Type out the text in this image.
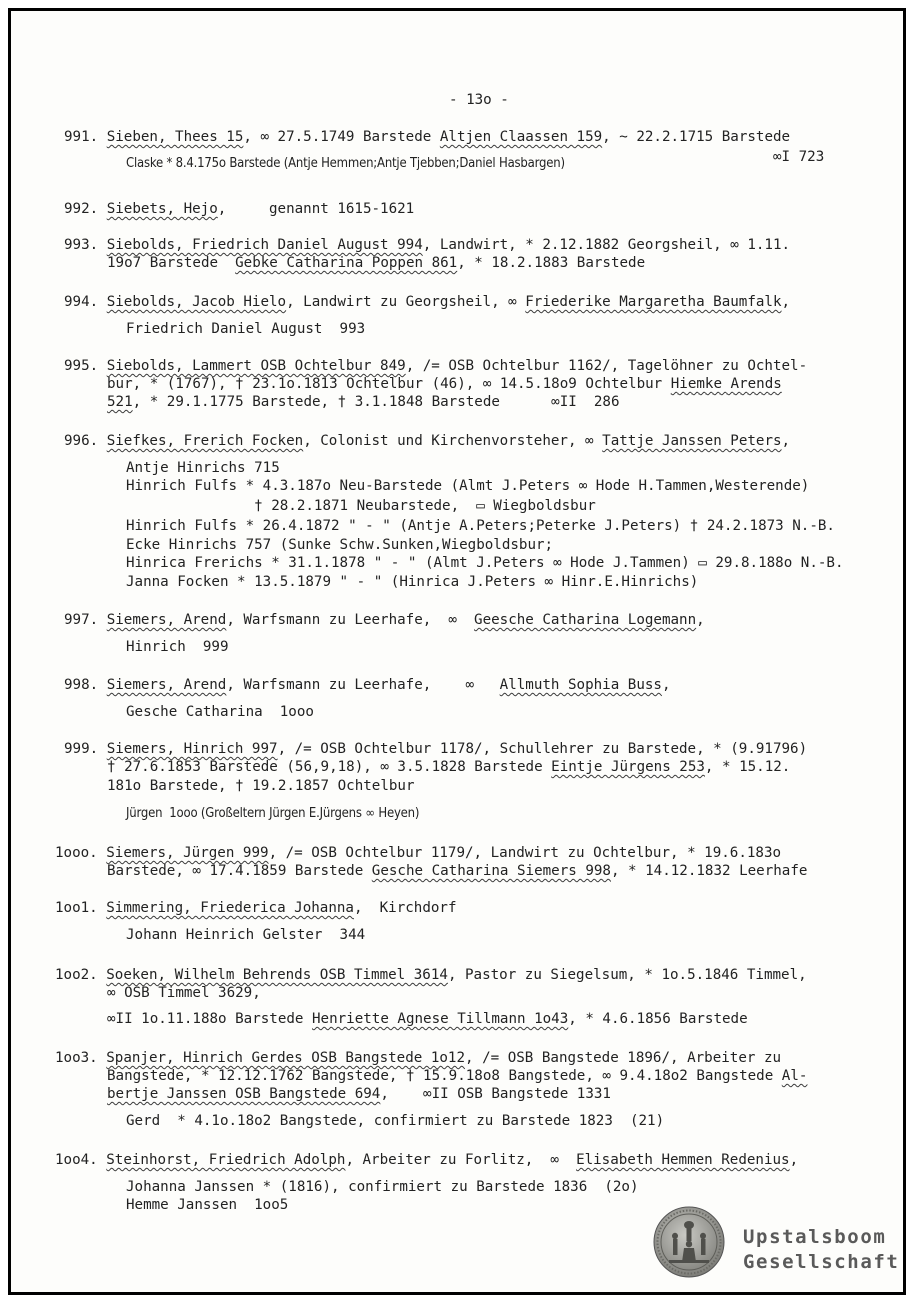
- 13o -
991. Sieben, Thees 15, ∞ 27.5.1749 Barstede Altjen Claassen 159, ~ 22.2.1715 Barstede
Claske * 8.4.175o Barstede (Antje Hemmen;Antje Tjebben;Daniel Hasbargen)	∞I 723
992. Siebets, Hejo,     genannt 1615-1621
993. Siebolds, Friedrich Daniel August 994, Landwirt, * 2.12.1882 Georgsheil, ∞ 1.11.
19o7 Barstede  Gebke Catharina Poppen 861, * 18.2.1883 Barstede
994. Siebolds, Jacob Hielo, Landwirt zu Georgsheil, ∞ Friederike Margaretha Baumfalk,
Friedrich Daniel August  993
995. Siebolds, Lammert OSB Ochtelbur 849, /= OSB Ochtelbur 1162/, Tagelöhner zu Ochtel-
bur, * (1767), † 23.1o.1813 Ochtelbur (46), ∞ 14.5.18o9 Ochtelbur Hiemke Arends
521, * 29.1.1775 Barstede, † 3.1.1848 Barstede      ∞II  286
996. Siefkes, Frerich Focken, Colonist und Kirchenvorsteher, ∞ Tattje Janssen Peters,
Antje Hinrichs 715
Hinrich Fulfs * 4.3.187o Neu-Barstede (Almt J.Peters ∞ Hode H.Tammen,Westerende)
† 28.2.1871 Neubarstede,  ▭ Wiegboldsbur
Hinrich Fulfs * 26.4.1872 " - " (Antje A.Peters;Peterke J.Peters) † 24.2.1873 N.-B.
Ecke Hinrichs 757 (Sunke Schw.Sunken,Wiegboldsbur;
Hinrica Frerichs * 31.1.1878 " - " (Almt J.Peters ∞ Hode J.Tammen) ▭ 29.8.188o N.-B.
Janna Focken * 13.5.1879 " - " (Hinrica J.Peters ∞ Hinr.E.Hinrichs)
997. Siemers, Arend, Warfsmann zu Leerhafe,  ∞  Geesche Catharina Logemann,
Hinrich  999
998. Siemers, Arend, Warfsmann zu Leerhafe,    ∞   Allmuth Sophia Buss,
Gesche Catharina  1ooo
999. Siemers, Hinrich 997, /= OSB Ochtelbur 1178/, Schullehrer zu Barstede, * (9.91796)
† 27.6.1853 Barstede (56,9,18), ∞ 3.5.1828 Barstede Eintje Jürgens 253, * 15.12.
181o Barstede, † 19.2.1857 Ochtelbur
Jürgen  1ooo (Großeltern Jürgen E.Jürgens ∞ Heyen)
1ooo. Siemers, Jürgen 999, /= OSB Ochtelbur 1179/, Landwirt zu Ochtelbur, * 19.6.183o
Barstede, ∞ 17.4.1859 Barstede Gesche Catharina Siemers 998, * 14.12.1832 Leerhafe
1oo1. Simmering, Friederica Johanna,  Kirchdorf
Johann Heinrich Gelster  344
1oo2. Soeken, Wilhelm Behrends OSB Timmel 3614, Pastor zu Siegelsum, * 1o.5.1846 Timmel,
∞ OSB Timmel 3629,
∞II 1o.11.188o Barstede Henriette Agnese Tillmann 1o43, * 4.6.1856 Barstede
1oo3. Spanjer, Hinrich Gerdes OSB Bangstede 1o12, /= OSB Bangstede 1896/, Arbeiter zu
Bangstede, * 12.12.1762 Bangstede, † 15.9.18o8 Bangstede, ∞ 9.4.18o2 Bangstede Al-
bertje Janssen OSB Bangstede 694,    ∞II OSB Bangstede 1331
Gerd  * 4.1o.18o2 Bangstede, confirmiert zu Barstede 1823  (21)
1oo4. Steinhorst, Friedrich Adolph, Arbeiter zu Forlitz,  ∞  Elisabeth Hemmen Redenius,
Johanna Janssen * (1816), confirmiert zu Barstede 1836  (2o)
Hemme Janssen  1oo5
Upstalsboom
Gesellschaft
